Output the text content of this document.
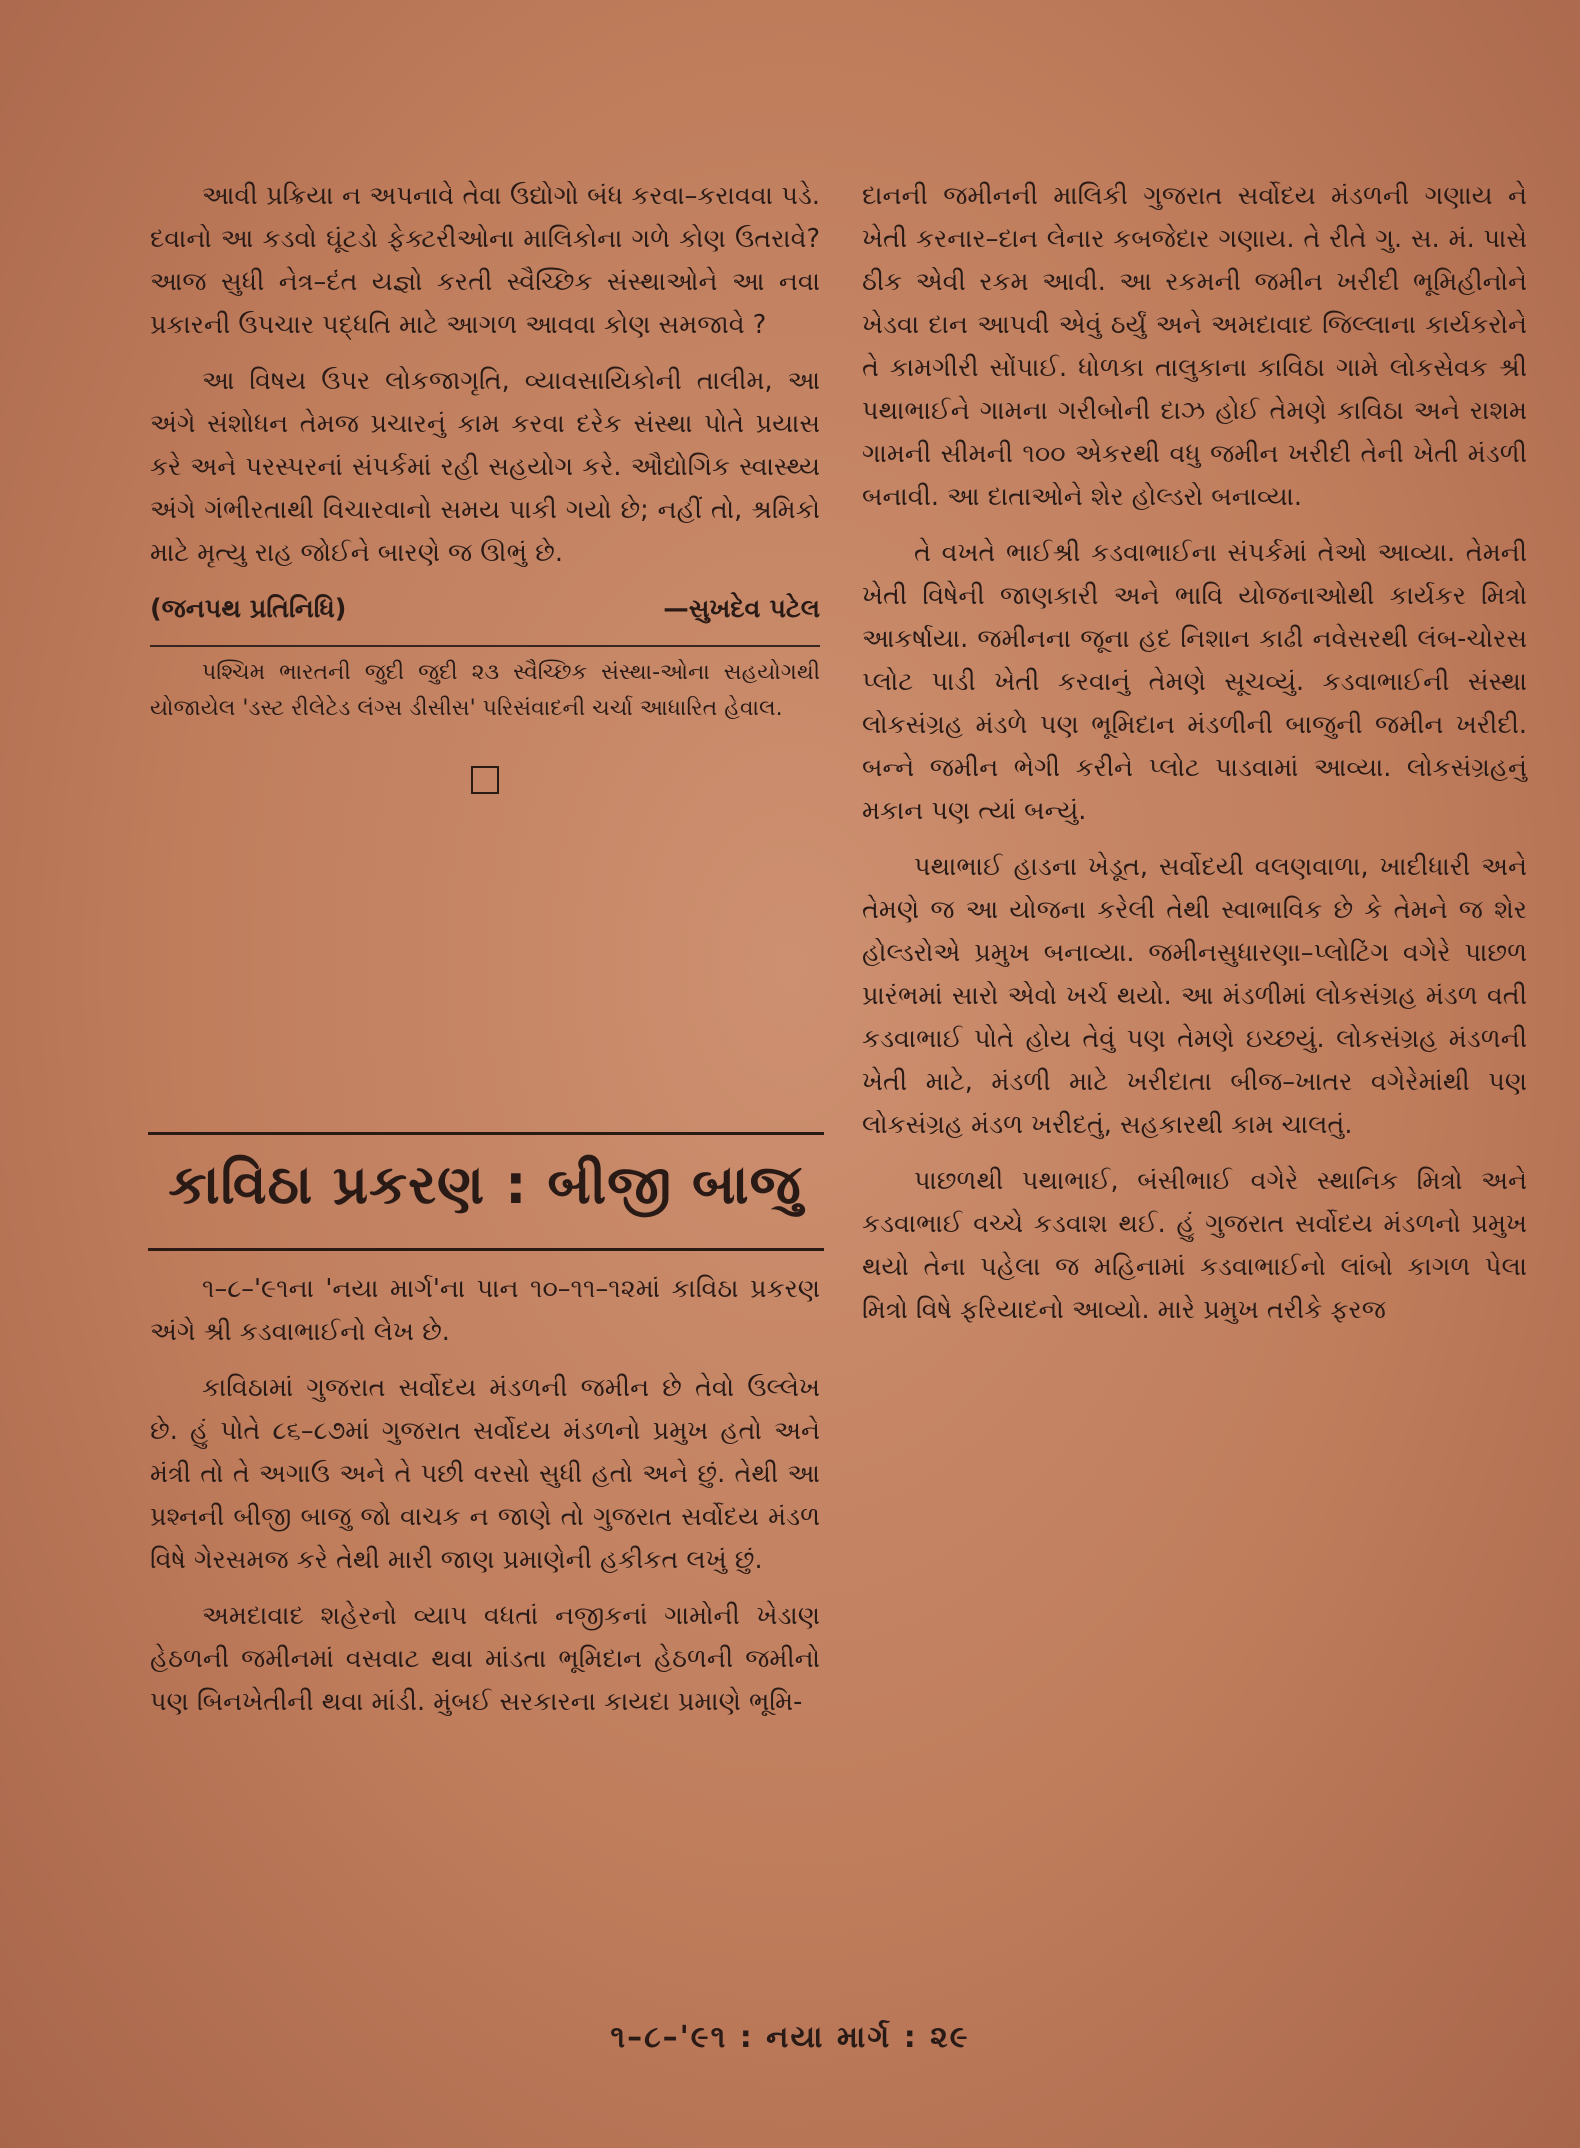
આવી પ્રક્રિયા ન અપનાવે તેવા ઉદ્યોગો બંધ કરવા–કરાવવા પડે. દવાનો આ કડવો ઘૂંટડો ફેક્ટરીઓના માલિકોના ગળે કોણ ઉતરાવે? આજ સુધી નેત્ર–દંત યજ્ઞો કરતી સ્વૈચ્છિક સંસ્થાઓને આ નવા પ્રકારની ઉપચાર પદ્ધતિ માટે આગળ આવવા કોણ સમજાવે ?

આ વિષય ઉપર લોકજાગૃતિ, વ્યાવસાયિકોની તાલીમ, આ અંગે સંશોધન તેમજ પ્રચારનું કામ કરવા દરેક સંસ્થા પોતે પ્રયાસ કરે અને પરસ્પરનાં સંપર્કમાં રહી સહયોગ કરે. ઔદ્યોગિક સ્વાસ્થ્ય અંગે ગંભીરતાથી વિચારવાનો સમય પાકી ગયો છે; નહીં તો, શ્રમિકો માટે મૃત્યુ રાહ જોઈને બારણે જ ઊભું છે.

(જનપથ પ્રતિનિધિ)	—સુખદેવ પટેલ

પશ્ચિમ ભારતની જુદી જુદી ૨૩ સ્વૈચ્છિક સંસ્થા-ઓના સહયોગથી યોજાયેલ 'ડસ્ટ રીલેટેડ લંગ્સ ડીસીસ' પરિસંવાદની ચર્ચા આધારિત હેવાલ.

કાવિઠા પ્રકરણ : બીજી બાજુ

૧–૮–'૯૧ના 'નયા માર્ગ'ના પાન ૧૦–૧૧–૧૨માં કાવિઠા પ્રકરણ અંગે શ્રી કડવાભાઈનો લેખ છે.

કાવિઠામાં ગુજરાત સર્વોદય મંડળની જમીન છે તેવો ઉલ્લેખ છે. હું પોતે ૮૬–૮૭માં ગુજરાત સર્વોદય મંડળનો પ્રમુખ હતો અને મંત્રી તો તે અગાઉ અને તે પછી વરસો સુધી હતો અને છું. તેથી આ પ્રશ્નની બીજી બાજુ જો વાચક ન જાણે તો ગુજરાત સર્વોદય મંડળ વિષે ગેરસમજ કરે તેથી મારી જાણ પ્રમાણેની હકીકત લખું છું.

અમદાવાદ શહેરનો વ્યાપ વધતાં નજીકનાં ગામોની ખેડાણ હેઠળની જમીનમાં વસવાટ થવા માંડતા ભૂમિદાન હેઠળની જમીનો પણ બિનખેતીની થવા માંડી. મુંબઈ સરકારના કાયદા પ્રમાણે ભૂમિ-

દાનની જમીનની માલિકી ગુજરાત સર્વોદય મંડળની ગણાય ને ખેતી કરનાર–દાન લેનાર કબજેદાર ગણાય. તે રીતે ગુ. સ. મં. પાસે ઠીક એવી રકમ આવી. આ રકમની જમીન ખરીદી ભૂમિહીનોને ખેડવા દાન આપવી એવું ઠર્યું અને અમદાવાદ જિલ્લાના કાર્યકરોને તે કામગીરી સોંપાઈ. ધોળકા તાલુકાના કાવિઠા ગામે લોકસેવક શ્રી પથાભાઈને ગામના ગરીબોની દાઝ હોઈ તેમણે કાવિઠા અને રાશમ ગામની સીમની ૧૦૦ એકરથી વધુ જમીન ખરીદી તેની ખેતી મંડળી બનાવી. આ દાતાઓને શેર હોલ્ડરો બનાવ્યા.

તે વખતે ભાઈશ્રી કડવાભાઈના સંપર્કમાં તેઓ આવ્યા. તેમની ખેતી વિષેની જાણકારી અને ભાવિ યોજનાઓથી કાર્યકર મિત્રો આકર્ષાયા. જમીનના જૂના હદ નિશાન કાઢી નવેસરથી લંબ-ચોરસ પ્લોટ પાડી ખેતી કરવાનું તેમણે સૂચવ્યું. કડવાભાઈની સંસ્થા લોકસંગ્રહ મંડળે પણ ભૂમિદાન મંડળીની બાજુની જમીન ખરીદી. બન્ને જમીન ભેગી કરીને પ્લોટ પાડવામાં આવ્યા. લોકસંગ્રહનું મકાન પણ ત્યાં બન્યું.

પથાભાઈ હાડના ખેડૂત, સર્વોદયી વલણવાળા, ખાદીધારી અને તેમણે જ આ યોજના કરેલી તેથી સ્વાભાવિક છે કે તેમને જ શેર હોલ્ડરોએ પ્રમુખ બનાવ્યા. જમીનસુધારણા–પ્લોટિંગ વગેરે પાછળ પ્રારંભમાં સારો એવો ખર્ચ થયો. આ મંડળીમાં લોકસંગ્રહ મંડળ વતી કડવાભાઈ પોતે હોય તેવું પણ તેમણે ઇચ્છયું. લોકસંગ્રહ મંડળની ખેતી માટે, મંડળી માટે ખરીદાતા બીજ–ખાતર વગેરેમાંથી પણ લોકસંગ્રહ મંડળ ખરીદતું, સહકારથી કામ ચાલતું.

પાછળથી પથાભાઈ, બંસીભાઈ વગેરે સ્થાનિક મિત્રો અને કડવાભાઈ વચ્ચે કડવાશ થઈ. હું ગુજરાત સર્વોદય મંડળનો પ્રમુખ થયો તેના પહેલા જ મહિનામાં કડવાભાઈનો લાંબો કાગળ પેલા મિત્રો વિષે ફરિયાદનો આવ્યો. મારે પ્રમુખ તરીકે ફરજ

૧–૮–'૯૧ : નયા માર્ગ : ૨૯
